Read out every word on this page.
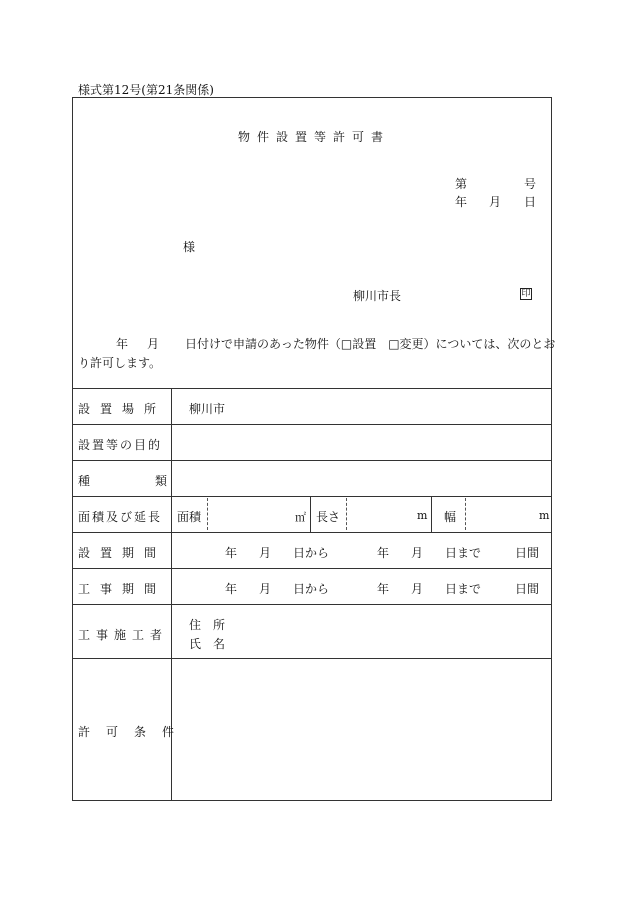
様式第12号(第21条関係)
物件設置等許可書
第	号
年 月 日
様
柳川市長	印
年 月 日付けで申請のあった物件（□設置　□変更）については、次のとお
り許可します。
設置場所 柳川市
設置等の目的
種	類
面積及び延長 面積	㎡ 長さ	m 幅	m
設置期間	年 月 日から	年 月 日まで	日間
工事期間	年 月 日から	年 月 日まで	日間
工事施工者
住　所
氏　名
許可条件
